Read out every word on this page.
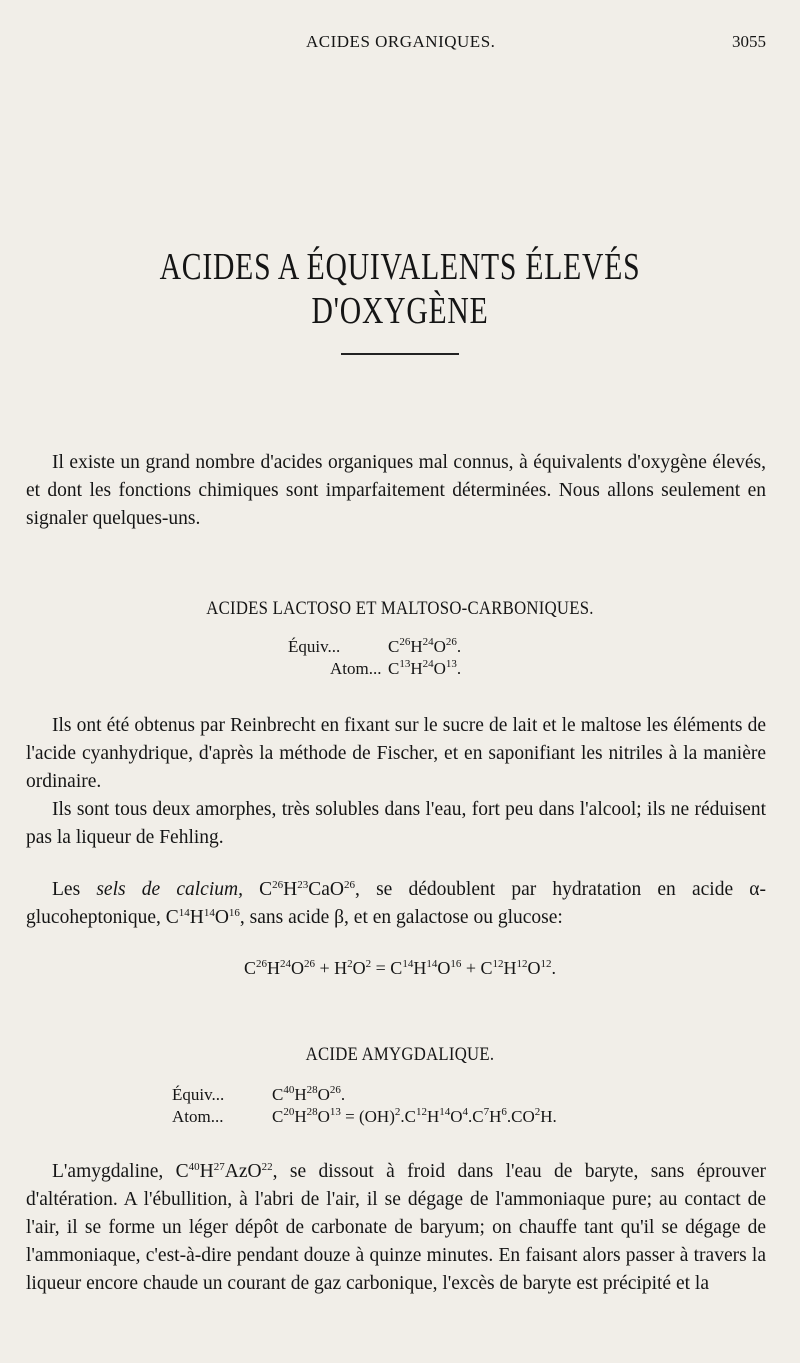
ACIDES ORGANIQUES.	3055
ACIDES A ÉQUIVALENTS ÉLEVÉS D'OXYGÈNE

Il existe un grand nombre d'acides organiques mal connus, à équivalents d'oxygène élevés, et dont les fonctions chimiques sont imparfaitement déterminées. Nous allons seulement en signaler quelques-uns.

ACIDES LACTOSO ET MALTOSO-CARBONIQUES.
Équiv...	$C^{26}H^{24}O^{26}$.
Atom... $C^{13}H^{24}O^{13}$.

Ils ont été obtenus par Reinbrecht en fixant sur le sucre de lait et le maltose les éléments de l'acide cyanhydrique, d'après la méthode de Fischer, et en saponifiant les nitriles à la manière ordinaire.

Ils sont tous deux amorphes, très solubles dans l'eau, fort peu dans l'alcool; ils ne réduisent pas la liqueur de Fehling.

Les sels de calcium, $C^{26}H^{23}CaO^{26}$, se dédoublent par hydratation en acide α-glucoheptonique, $C^{14}H^{14}O^{16}$, sans acide β, et en galactose ou glucose:

$C^{26}H^{24}O^{26} + H^2O^2 = C^{14}H^{14}O^{16} + C^{12}H^{12}O^{12}$.
ACIDE AMYGDALIQUE.
Équiv...	$C^{40}H^{28}O^{26}$.
Atom...	$C^{20}H^{28}O^{13} = (OH)^2.C^{12}H^{14}O^4.C^7H^6.CO^2H$.

L'amygdaline, $C^{40}H^{27}AzO^{22}$, se dissout à froid dans l'eau de baryte, sans éprouver d'altération. A l'ébullition, à l'abri de l'air, il se dégage de l'ammoniaque pure; au contact de l'air, il se forme un léger dépôt de carbonate de baryum; on chauffe tant qu'il se dégage de l'ammoniaque, c'est-à-dire pendant douze à quinze minutes. En faisant alors passer à travers la liqueur encore chaude un courant de gaz carbonique, l'excès de baryte est précipité et la
